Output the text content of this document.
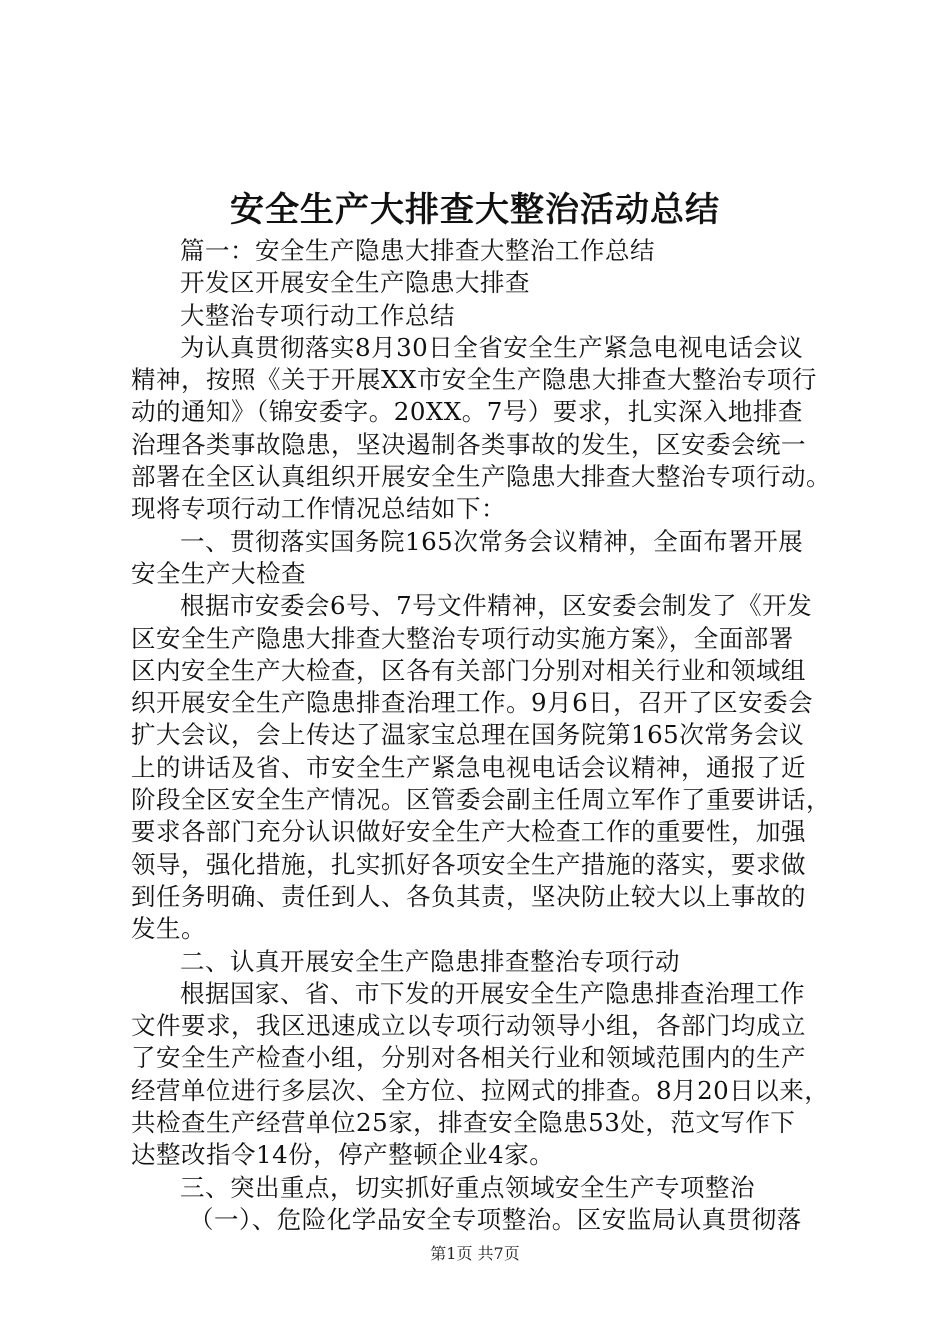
安全生产大排查大整治活动总结
篇一：安全生产隐患大排查大整治工作总结
开发区开展安全生产隐患大排查
大整治专项行动工作总结
为认真贯彻落实8月30日全省安全生产紧急电视电话会议
精神，按照《关于开展XX市安全生产隐患大排查大整治专项行
动的通知》（锦安委字。20XX。7号）要求，扎实深入地排查
治理各类事故隐患，坚决遏制各类事故的发生，区安委会统一
部署在全区认真组织开展安全生产隐患大排查大整治专项行动。
现将专项行动工作情况总结如下：
一、贯彻落实国务院165次常务会议精神，全面布署开展
安全生产大检查
根据市安委会6号、7号文件精神，区安委会制发了《开发
区安全生产隐患大排查大整治专项行动实施方案》，全面部署
区内安全生产大检查，区各有关部门分别对相关行业和领域组
织开展安全生产隐患排查治理工作。9月6日，召开了区安委会
扩大会议，会上传达了温家宝总理在国务院第165次常务会议
上的讲话及省、市安全生产紧急电视电话会议精神，通报了近
阶段全区安全生产情况。区管委会副主任周立军作了重要讲话，
要求各部门充分认识做好安全生产大检查工作的重要性，加强
领导，强化措施，扎实抓好各项安全生产措施的落实，要求做
到任务明确、责任到人、各负其责，坚决防止较大以上事故的
发生。
二、认真开展安全生产隐患排查整治专项行动
根据国家、省、市下发的开展安全生产隐患排查治理工作
文件要求，我区迅速成立以专项行动领导小组，各部门均成立
了安全生产检查小组，分别对各相关行业和领域范围内的生产
经营单位进行多层次、全方位、拉网式的排查。8月20日以来，
共检查生产经营单位25家，排查安全隐患53处，范文写作下
达整改指令14份，停产整顿企业4家。
三、突出重点，切实抓好重点领域安全生产专项整治
（一）、危险化学品安全专项整治。区安监局认真贯彻落
第1页 共7页
